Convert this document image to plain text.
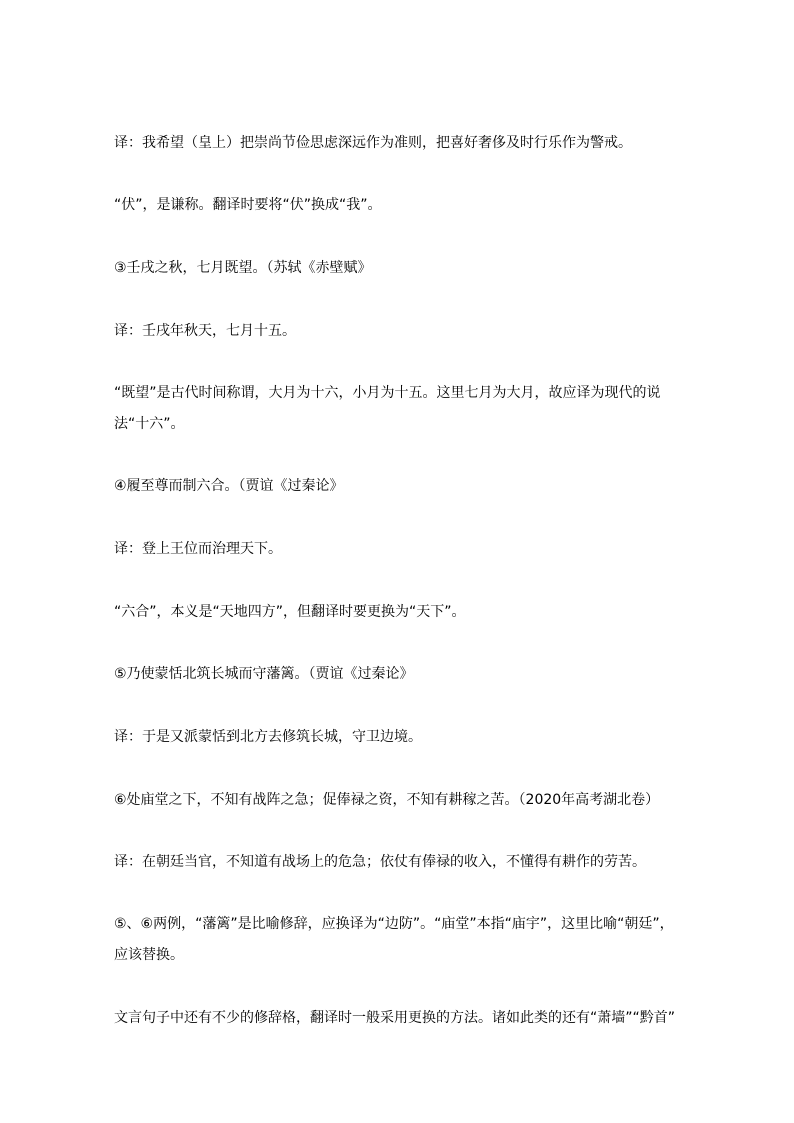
译：我希望（皇上）把崇尚节俭思虑深远作为准则，把喜好奢侈及时行乐作为警戒。

“伏”，是谦称。翻译时要将“伏”换成“我”。

③壬戌之秋，七月既望。（苏轼《赤壁赋》

译：壬戌年秋天，七月十五。

“既望”是古代时间称谓，大月为十六，小月为十五。这里七月为大月，故应译为现代的说法“十六”。

④履至尊而制六合。（贾谊《过秦论》

译：登上王位而治理天下。

“六合”，本义是“天地四方”，但翻译时要更换为“天下”。

⑤乃使蒙恬北筑长城而守藩篱。（贾谊《过秦论》

译：于是又派蒙恬到北方去修筑长城，守卫边境。

⑥处庙堂之下，不知有战阵之急；促俸禄之资，不知有耕稼之苦。（2020年高考湖北卷）

译：在朝廷当官，不知道有战场上的危急；依仗有俸禄的收入，不懂得有耕作的劳苦。

⑤、⑥两例，“藩篱”是比喻修辞，应换译为“边防”。“庙堂”本指“庙宇”，这里比喻“朝廷”，应该替换。

文言句子中还有不少的修辞格，翻译时一般采用更换的方法。诸如此类的还有“萧墙”“黔首”
